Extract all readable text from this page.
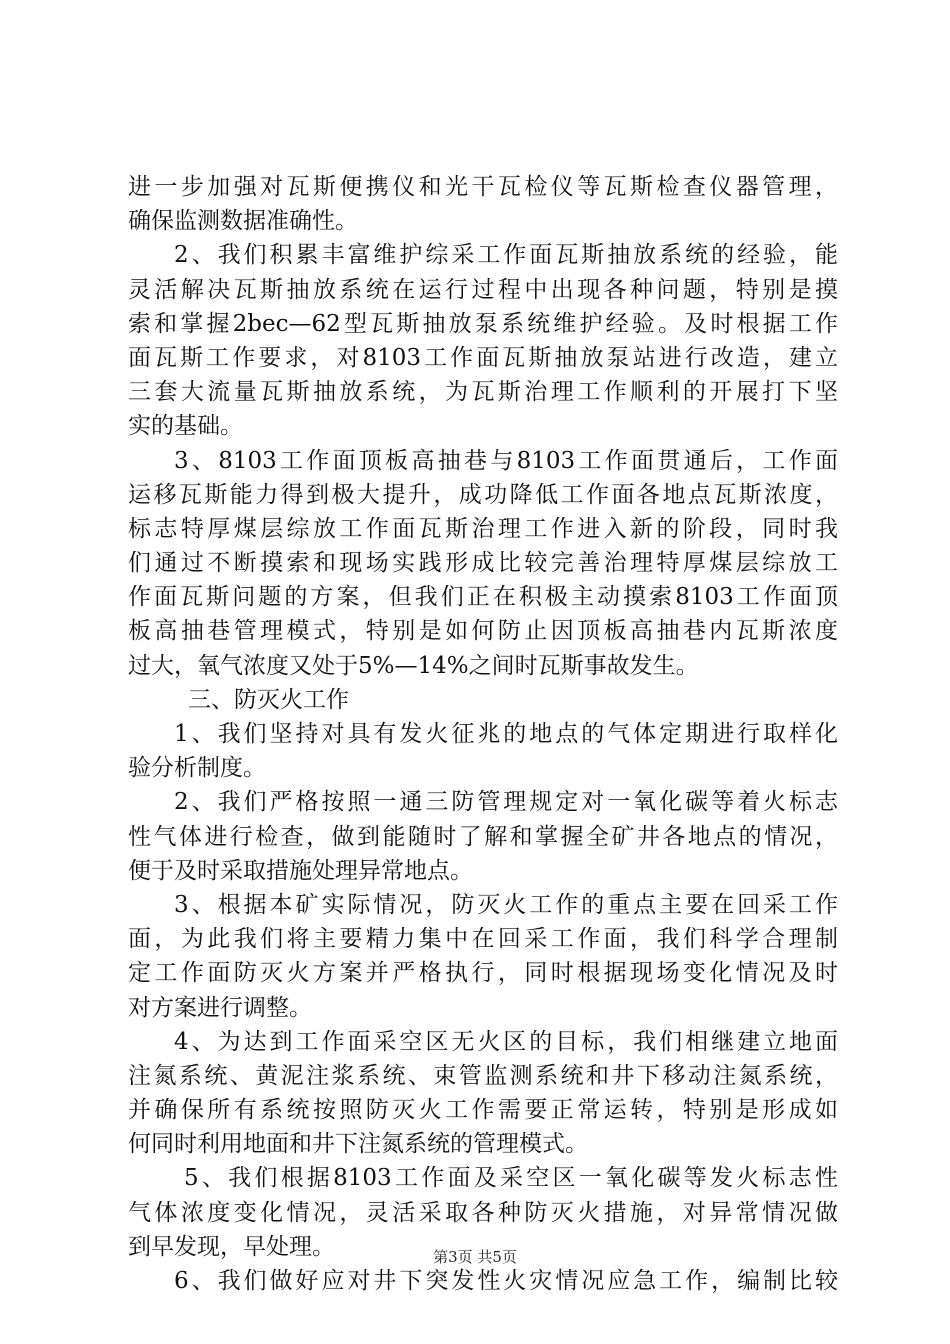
进一步加强对瓦斯便携仪和光干瓦检仪等瓦斯检查仪器管理，
确保监测数据准确性。
2、我们积累丰富维护综采工作面瓦斯抽放系统的经验，能
灵活解决瓦斯抽放系统在运行过程中出现各种问题，特别是摸
索和掌握2bec—62型瓦斯抽放泵系统维护经验。及时根据工作
面瓦斯工作要求，对8103工作面瓦斯抽放泵站进行改造，建立
三套大流量瓦斯抽放系统，为瓦斯治理工作顺利的开展打下坚
实的基础。
3、8103工作面顶板高抽巷与8103工作面贯通后，工作面
运移瓦斯能力得到极大提升，成功降低工作面各地点瓦斯浓度，
标志特厚煤层综放工作面瓦斯治理工作进入新的阶段，同时我
们通过不断摸索和现场实践形成比较完善治理特厚煤层综放工
作面瓦斯问题的方案，但我们正在积极主动摸索8103工作面顶
板高抽巷管理模式，特别是如何防止因顶板高抽巷内瓦斯浓度
过大，氧气浓度又处于5%—14%之间时瓦斯事故发生。
三、防灭火工作
1、我们坚持对具有发火征兆的地点的气体定期进行取样化
验分析制度。
2、我们严格按照一通三防管理规定对一氧化碳等着火标志
性气体进行检查，做到能随时了解和掌握全矿井各地点的情况，
便于及时采取措施处理异常地点。
3、根据本矿实际情况，防灭火工作的重点主要在回采工作
面，为此我们将主要精力集中在回采工作面，我们科学合理制
定工作面防灭火方案并严格执行，同时根据现场变化情况及时
对方案进行调整。
4、为达到工作面采空区无火区的目标，我们相继建立地面
注氮系统、黄泥注浆系统、束管监测系统和井下移动注氮系统，
并确保所有系统按照防灭火工作需要正常运转，特别是形成如
何同时利用地面和井下注氮系统的管理模式。
5、我们根据8103工作面及采空区一氧化碳等发火标志性
气体浓度变化情况，灵活采取各种防灭火措施，对异常情况做
到早发现，早处理。
6、我们做好应对井下突发性火灾情况应急工作，编制比较
第3页 共5页
